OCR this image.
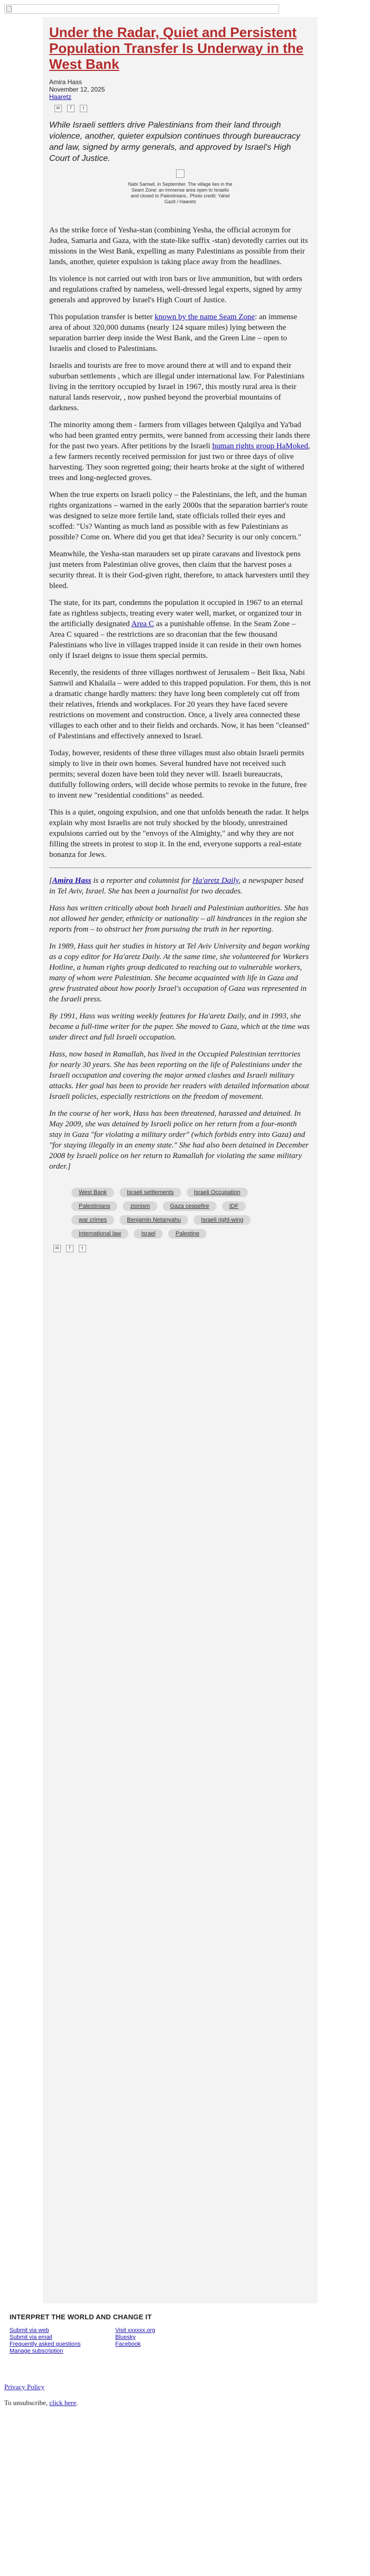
Under the Radar, Quiet and Persistent Population Transfer Is Underway in the West Bank
Amira Hass
November 12, 2025
Haaretz
✉	f	t

While Israeli settlers drive Palestinians from their land through violence, another, quieter expulsion continues through bureaucracy and law, signed by army generals, and approved by Israel's High Court of Justice.

Nabi Samwil, in September. The village lies in the Seam Zone: an immense area open to Israelis and closed to Palestinians.. Photo credit: Yahel Gazit / Haaretz

As the strike force of Yesha-stan (combining Yesha, the official acronym for Judea, Samaria and Gaza, with the state-like suffix -stan) devotedly carries out its missions in the West Bank, expelling as many Palestinians as possible from their lands, another, quieter expulsion is taking place away from the headlines.

Its violence is not carried out with iron bars or live ammunition, but with orders and regulations crafted by nameless, well-dressed legal experts, signed by army generals and approved by Israel's High Court of Justice.

This population transfer is better known by the name Seam Zone: an immense area of about 320,000 dunams (nearly 124 square miles) lying between the separation barrier deep inside the West Bank, and the Green Line – open to Israelis and closed to Palestinians.

Israelis and tourists are free to move around there at will and to expand their suburban settlements , which are illegal under international law. For Palestinians living in the territory occupied by Israel in 1967, this mostly rural area is their natural lands reservoir, , now pushed beyond the proverbial mountains of darkness.

The minority among them - farmers from villages between Qalqilya and Ya'bad who had been granted entry permits, were banned from accessing their lands there for the past two years. After petitions by the Israeli human rights group HaMoked, a few farmers recently received permission for just two or three days of olive harvesting. They soon regretted going; their hearts broke at the sight of withered trees and long-neglected groves.

When the true experts on Israeli policy – the Palestinians, the left, and the human rights organizations – warned in the early 2000s that the separation barrier's route was designed to seize more fertile land, state officials rolled their eyes and scoffed: "Us? Wanting as much land as possible with as few Palestinians as possible? Come on. Where did you get that idea? Security is our only concern."

Meanwhile, the Yesha-stan marauders set up pirate caravans and livestock pens just meters from Palestinian olive groves, then claim that the harvest poses a security threat. It is their God-given right, therefore, to attack harvesters until they bleed.

The state, for its part, condemns the population it occupied in 1967 to an eternal fate as rightless subjects, treating every water well, market, or organized tour in the artificially designated Area C as a punishable offense. In the Seam Zone – Area C squared – the restrictions are so draconian that the few thousand Palestinians who live in villages trapped inside it can reside in their own homes only if Israel deigns to issue them special permits.

Recently, the residents of three villages northwest of Jerusalem – Beit Iksa, Nabi Samwil and Khalaila – were added to this trapped population. For them, this is not a dramatic change hardly matters: they have long been completely cut off from their relatives, friends and workplaces. For 20 years they have faced severe restrictions on movement and construction. Once, a lively area connected these villages to each other and to their fields and orchards. Now, it has been "cleansed" of Palestinians and effectively annexed to Israel.

Today, however, residents of these three villages must also obtain Israeli permits simply to live in their own homes. Several hundred have not received such permits; several dozen have been told they never will. Israeli bureaucrats, dutifully following orders, will decide whose permits to revoke in the future, free to invent new "residential conditions" as needed.

This is a quiet, ongoing expulsion, and one that unfolds beneath the radar. It helps explain why most Israelis are not truly shocked by the bloody, unrestrained expulsions carried out by the "envoys of the Almighty," and why they are not filling the streets in protest to stop it. In the end, everyone supports a real-estate bonanza for Jews.

[Amira Hass is a reporter and columnist for Ha'aretz Daily, a newspaper based in Tel Aviv, Israel. She has been a journalist for two decades.

Hass has written critically about both Israeli and Palestinian authorities. She has not allowed her gender, ethnicity or nationality – all hindrances in the region she reports from – to obstruct her from pursuing the truth in her reporting.

In 1989, Hass quit her studies in history at Tel Aviv University and began working as a copy editor for Ha'aretz Daily. At the same time, she volunteered for Workers Hotline, a human rights group dedicated to reaching out to vulnerable workers, many of whom were Palestinian. She became acquainted with life in Gaza and grew frustrated about how poorly Israel's occupation of Gaza was represented in the Israeli press.

By 1991, Hass was writing weekly features for Ha'aretz Daily, and in 1993, she became a full-time writer for the paper. She moved to Gaza, which at the time was under direct and full Israeli occupation.

Hass, now based in Ramallah, has lived in the Occupied Palestinian territories for nearly 30 years. She has been reporting on the life of Palestinians under the Israeli occupation and covering the major armed clashes and Israeli military attacks. Her goal has been to provide her readers with detailed information about Israeli policies, especially restrictions on the freedom of movement.

In the course of her work, Hass has been threatened, harassed and detained. In May 2009, she was detained by Israeli police on her return from a four-month stay in Gaza "for violating a military order" (which forbids entry into Gaza) and "for staying illegally in an enemy state." She had also been detained in December 2008 by Israeli police on her return to Ramallah for violating the same military order.]

West Bank	Israeli settlements	Israeli Occupation
Palestinians	zionism	Gaza ceasefire	IDF
war crimes	Benjamin Netanyahu	Israeli right-wing
International law	Israel	Palestine
✉	f	t
INTERPRET THE WORLD AND CHANGE IT
Submit via web
Submit via email
Frequently asked questions
Manage subscription
Visit xxxxxx.org
Bluesky
Facebook
Privacy Policy
To unsubscribe, click here.
